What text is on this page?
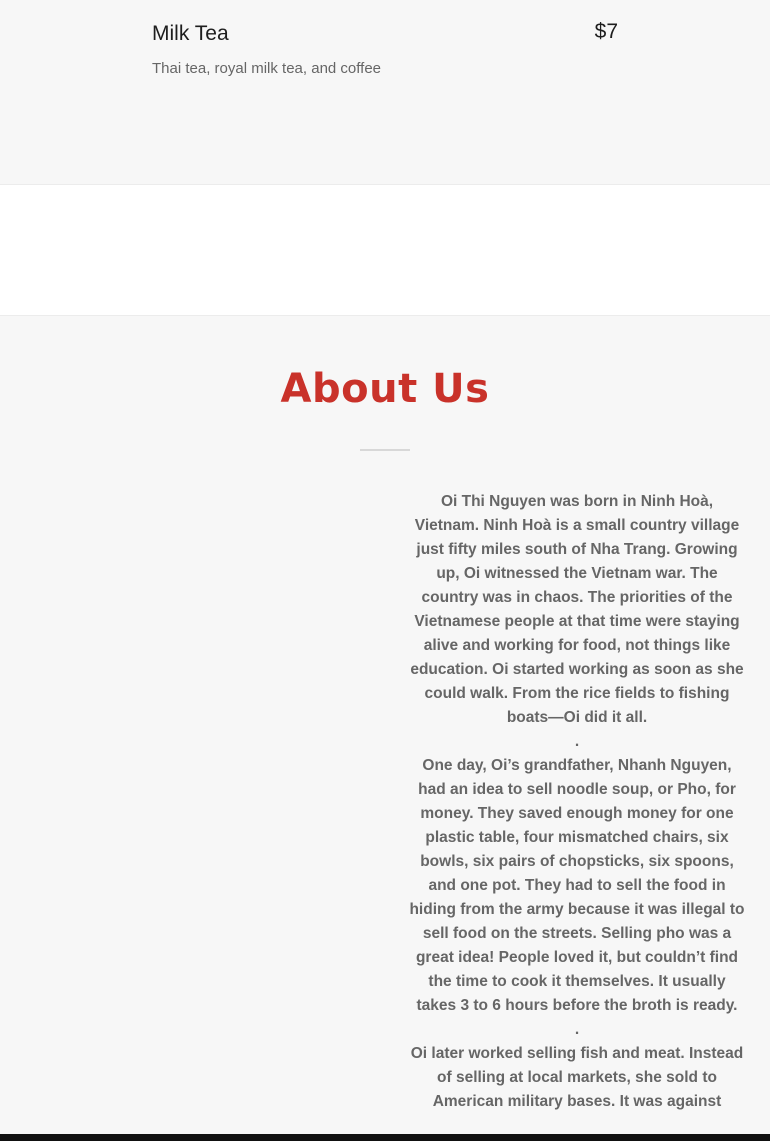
Milk Tea	$7
Thai tea, royal milk tea, and coffee
About Us

Oi Thi Nguyen was born in Ninh Hoà, Vietnam. Ninh Hoà is a small country village just fifty miles south of Nha Trang. Growing up, Oi witnessed the Vietnam war. The country was in chaos. The priorities of the Vietnamese people at that time were staying alive and working for food, not things like education. Oi started working as soon as she could walk. From the rice fields to fishing boats—Oi did it all.

.

One day, Oi’s grandfather, Nhanh Nguyen, had an idea to sell noodle soup, or Pho, for money. They saved enough money for one plastic table, four mismatched chairs, six bowls, six pairs of chopsticks, six spoons, and one pot. They had to sell the food in hiding from the army because it was illegal to sell food on the streets. Selling pho was a great idea! People loved it, but couldn’t find the time to cook it themselves. It usually takes 3 to 6 hours before the broth is ready.

.

Oi later worked selling fish and meat. Instead of selling at local markets, she sold to American military bases. It was against
